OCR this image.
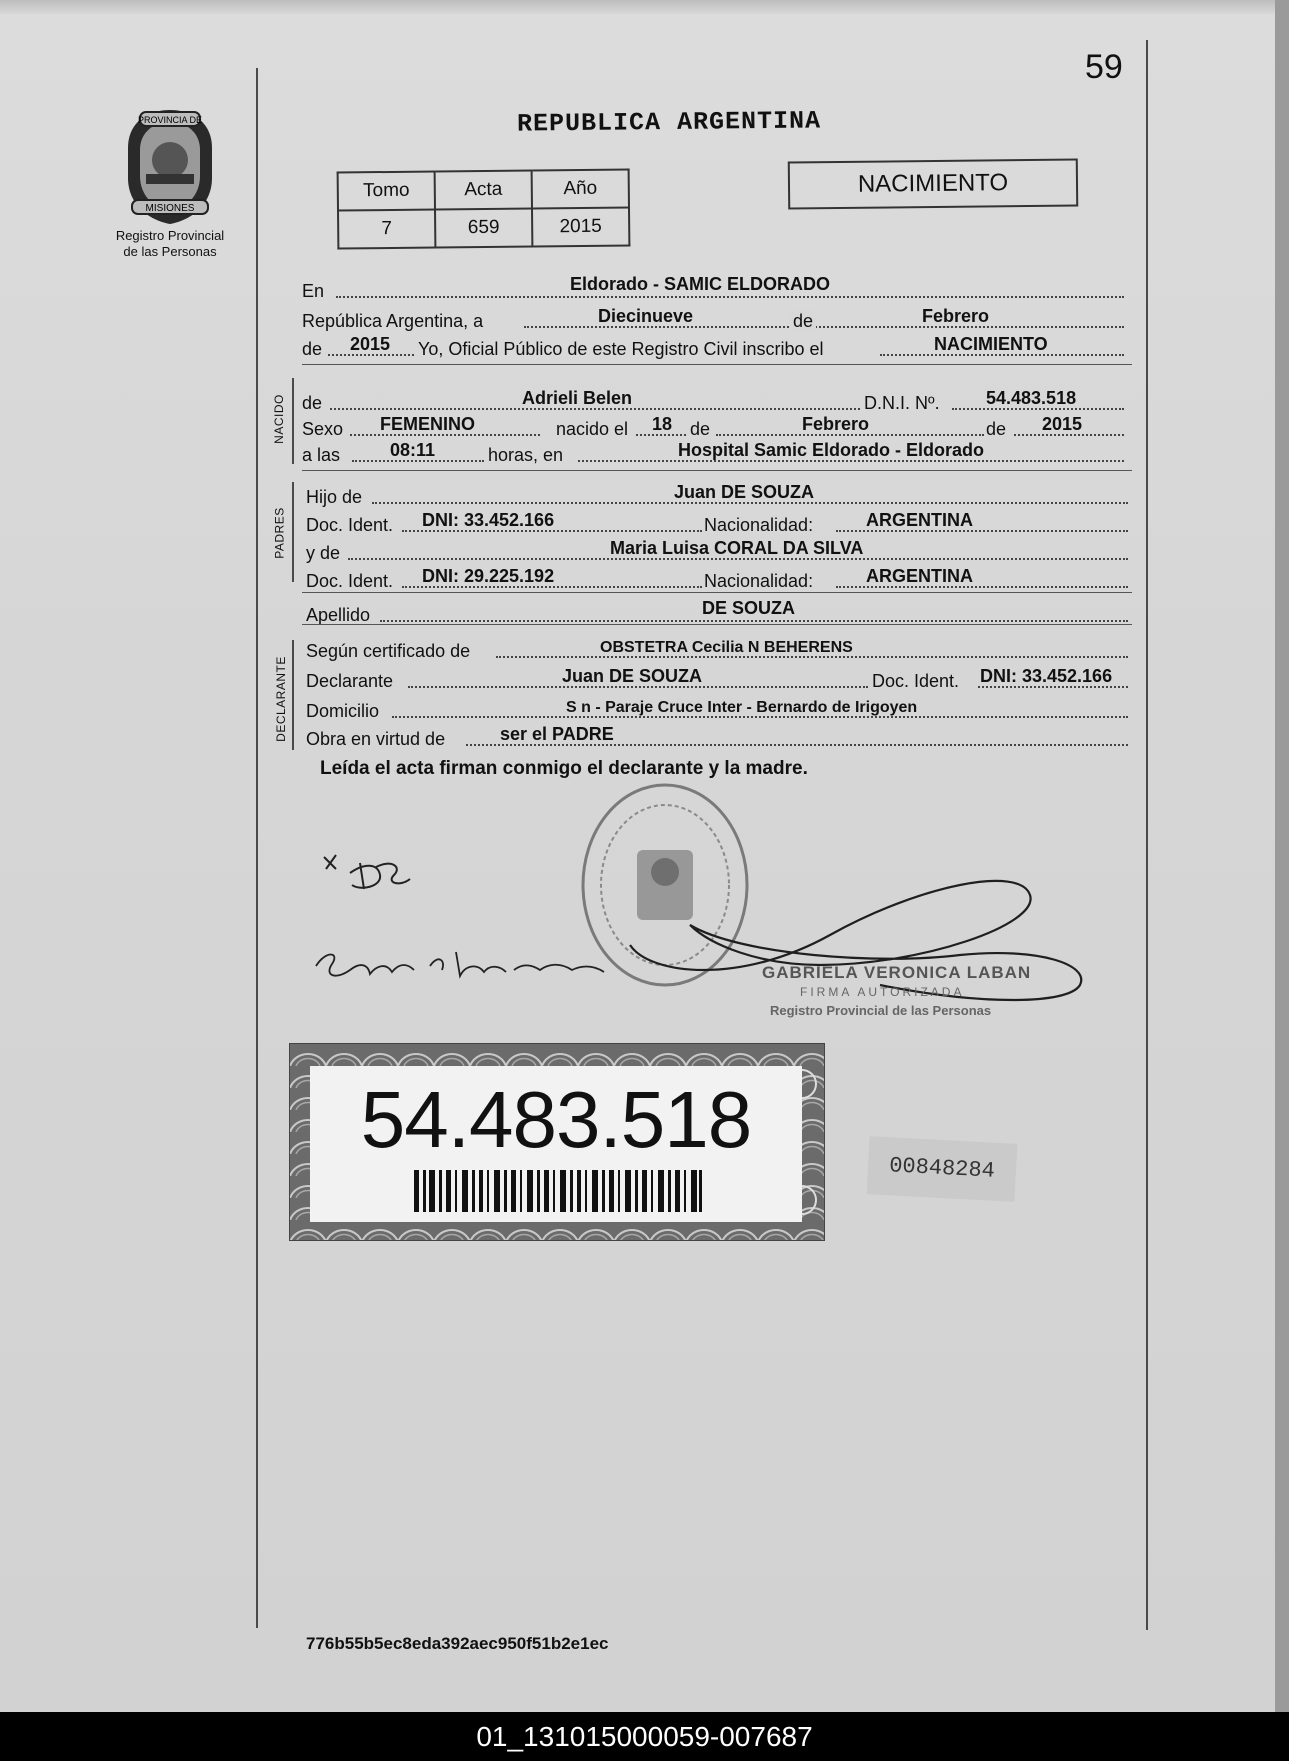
59
REPUBLICA ARGENTINA
PROVINCIA DE
MISIONES
Registro Provincial
de las Personas
Tomo	Acta	Año
7	659	2015
NACIMIENTO
En	Eldorado - SAMIC ELDORADO
República Argentina, a	Diecinueve	de	Febrero
de 2015 Yo, Oficial Público de este Registro Civil inscribo el	NACIMIENTO
NACIDO de	Adrieli Belen	D.N.I. Nº.	54.483.518
Sexo FEMENINO	nacido el 18 de	Febrero	de 2015
a las	08:11	horas, en	Hospital Samic Eldorado - Eldorado
PADRES
Hijo de	Juan DE SOUZA
Doc. Ident. DNI: 33.452.166	Nacionalidad:	ARGENTINA
y de	Maria Luisa CORAL DA SILVA
Doc. Ident. DNI: 29.225.192	Nacionalidad:	ARGENTINA
Apellido	DE SOUZA
DECLARANTE
Según certificado de	OBSTETRA Cecilia N BEHERENS
Declarante	Juan DE SOUZA	Doc. Ident. DNI: 33.452.166
Domicilio	S n - Paraje Cruce Inter - Bernardo de Irigoyen
Obra en virtud de	ser el PADRE
Leída el acta firman conmigo el declarante y la madre.
GABRIELA VERONICA LABAN
FIRMA AUTORIZADA
Registro Provincial de las Personas
54.483.518
00848284
776b55b5ec8eda392aec950f51b2e1ec
01_131015000059-007687
